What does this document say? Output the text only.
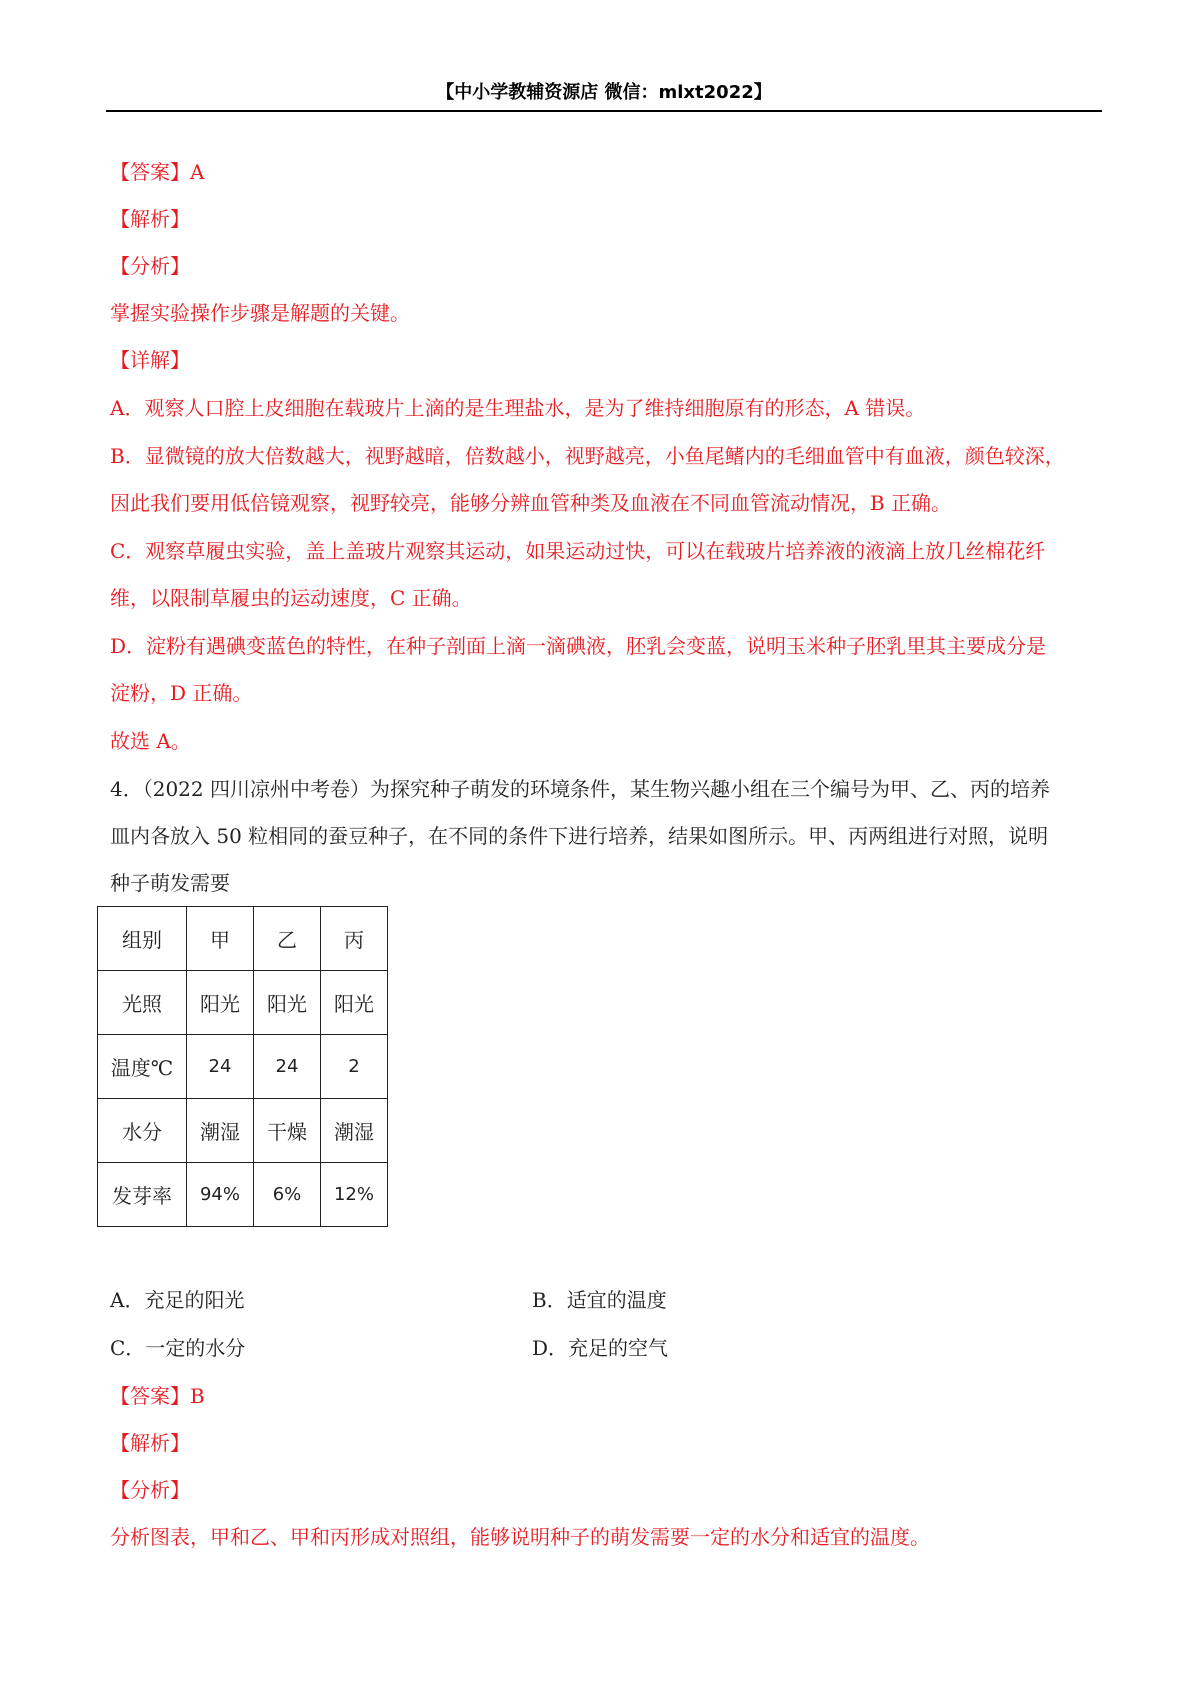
【中小学教辅资源店 微信：mlxt2022】
【答案】A
【解析】
【分析】
掌握实验操作步骤是解题的关键。
【详解】
A．观察人口腔上皮细胞在载玻片上滴的是生理盐水，是为了维持细胞原有的形态，A 错误。
B．显微镜的放大倍数越大，视野越暗，倍数越小，视野越亮，小鱼尾鳍内的毛细血管中有血液，颜色较深，
因此我们要用低倍镜观察，视野较亮，能够分辨血管种类及血液在不同血管流动情况，B 正确。
C．观察草履虫实验，盖上盖玻片观察其运动，如果运动过快，可以在载玻片培养液的液滴上放几丝棉花纤
维，以限制草履虫的运动速度，C 正确。
D．淀粉有遇碘变蓝色的特性，在种子剖面上滴一滴碘液，胚乳会变蓝，说明玉米种子胚乳里其主要成分是
淀粉，D 正确。
故选 A。
4．（2022 四川凉州中考卷）为探究种子萌发的环境条件，某生物兴趣小组在三个编号为甲、乙、丙的培养
皿内各放入 50 粒相同的蚕豆种子，在不同的条件下进行培养，结果如图所示。甲、丙两组进行对照，说明
种子萌发需要
组别	甲	乙	丙
光照	阳光	阳光	阳光
温度℃	24	24	2
水分	潮湿	干燥	潮湿
发芽率	94%	6%	12%
A．充足的阳光	B．适宜的温度
C．一定的水分	D．充足的空气
【答案】B
【解析】
【分析】
分析图表，甲和乙、甲和丙形成对照组，能够说明种子的萌发需要一定的水分和适宜的温度。
